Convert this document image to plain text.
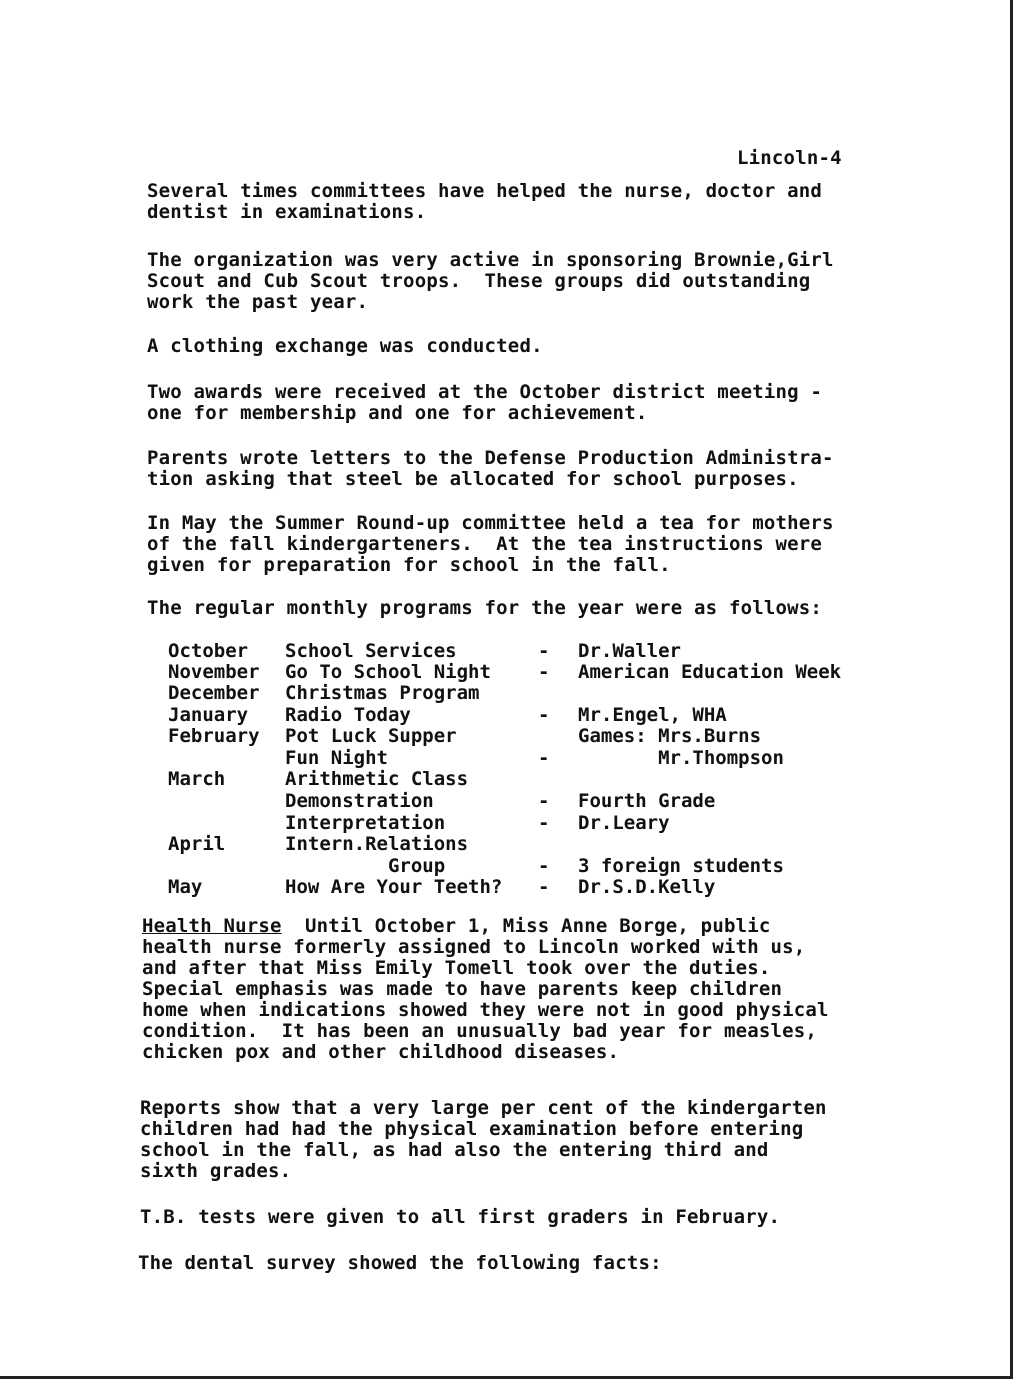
Lincoln-4
Several times committees have helped the nurse, doctor and
dentist in examinations.
The organization was very active in sponsoring Brownie,Girl
Scout and Cub Scout troops.  These groups did outstanding
work the past year.
A clothing exchange was conducted.
Two awards were received at the October district meeting -
one for membership and one for achievement.
Parents wrote letters to the Defense Production Administra-
tion asking that steel be allocated for school purposes.
In May the Summer Round-up committee held a tea for mothers
of the fall kindergarteners.  At the tea instructions were
given for preparation for school in the fall.
The regular monthly programs for the year were as follows:
October School Services	- Dr.Waller
November Go To School Night - American Education Week
December Christmas Program
January Radio Today	- Mr.Engel, WHA
February Pot Luck Supper	Games: Mrs.Burns
Fun Night	- Mr.Thompson
March	Arithmetic Class
Demonstration	- Fourth Grade
Interpretation	- Dr.Leary
April	Intern.Relations
Group	- 3 foreign students
May	How Are Your Teeth? - Dr.S.D.Kelly
Health Nurse  Until October 1, Miss Anne Borge, public
health nurse formerly assigned to Lincoln worked with us,
and after that Miss Emily Tomell took over the duties.
Special emphasis was made to have parents keep children
home when indications showed they were not in good physical
condition.  It has been an unusually bad year for measles,
chicken pox and other childhood diseases.
Reports show that a very large per cent of the kindergarten
children had had the physical examination before entering
school in the fall, as had also the entering third and
sixth grades.
T.B. tests were given to all first graders in February.
The dental survey showed the following facts:
